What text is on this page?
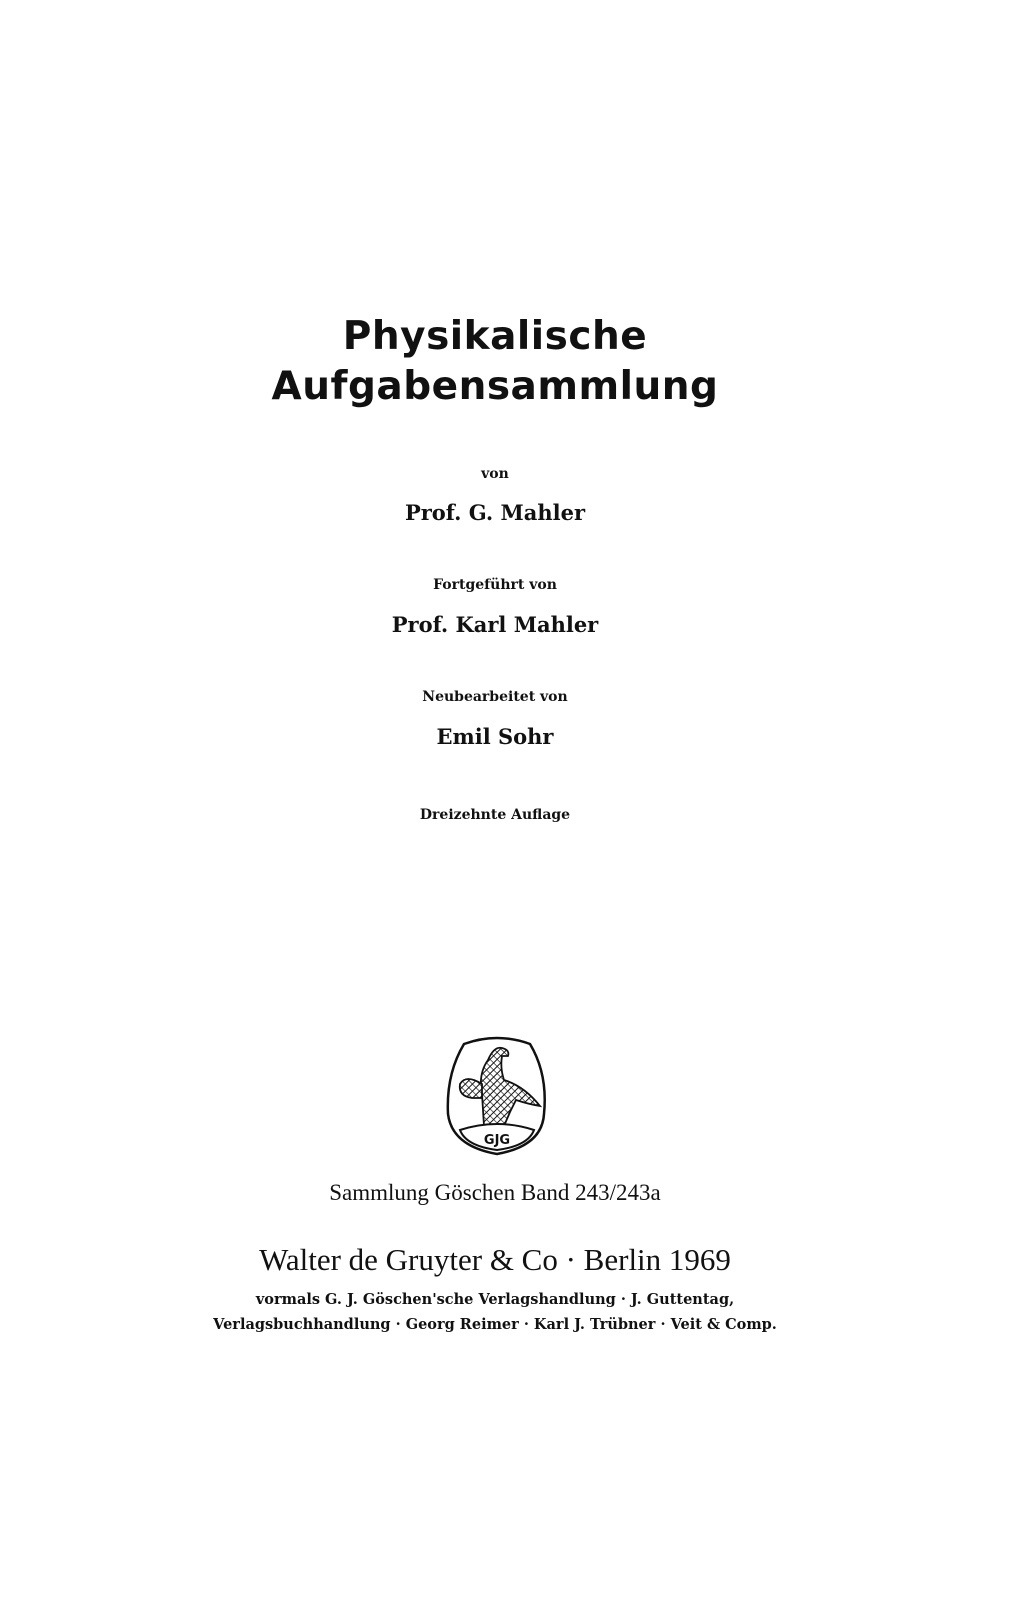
Physikalische
Aufgabensammlung
von
Prof. G. Mahler
Fortgeführt von
Prof. Karl Mahler
Neubearbeitet von
Emil Sohr
Dreizehnte Auflage
GJG
Sammlung Göschen Band 243/243a
Walter de Gruyter & Co · Berlin 1969
vormals G. J. Göschen'sche Verlagshandlung · J. Guttentag,
Verlagsbuchhandlung · Georg Reimer · Karl J. Trübner · Veit & Comp.
